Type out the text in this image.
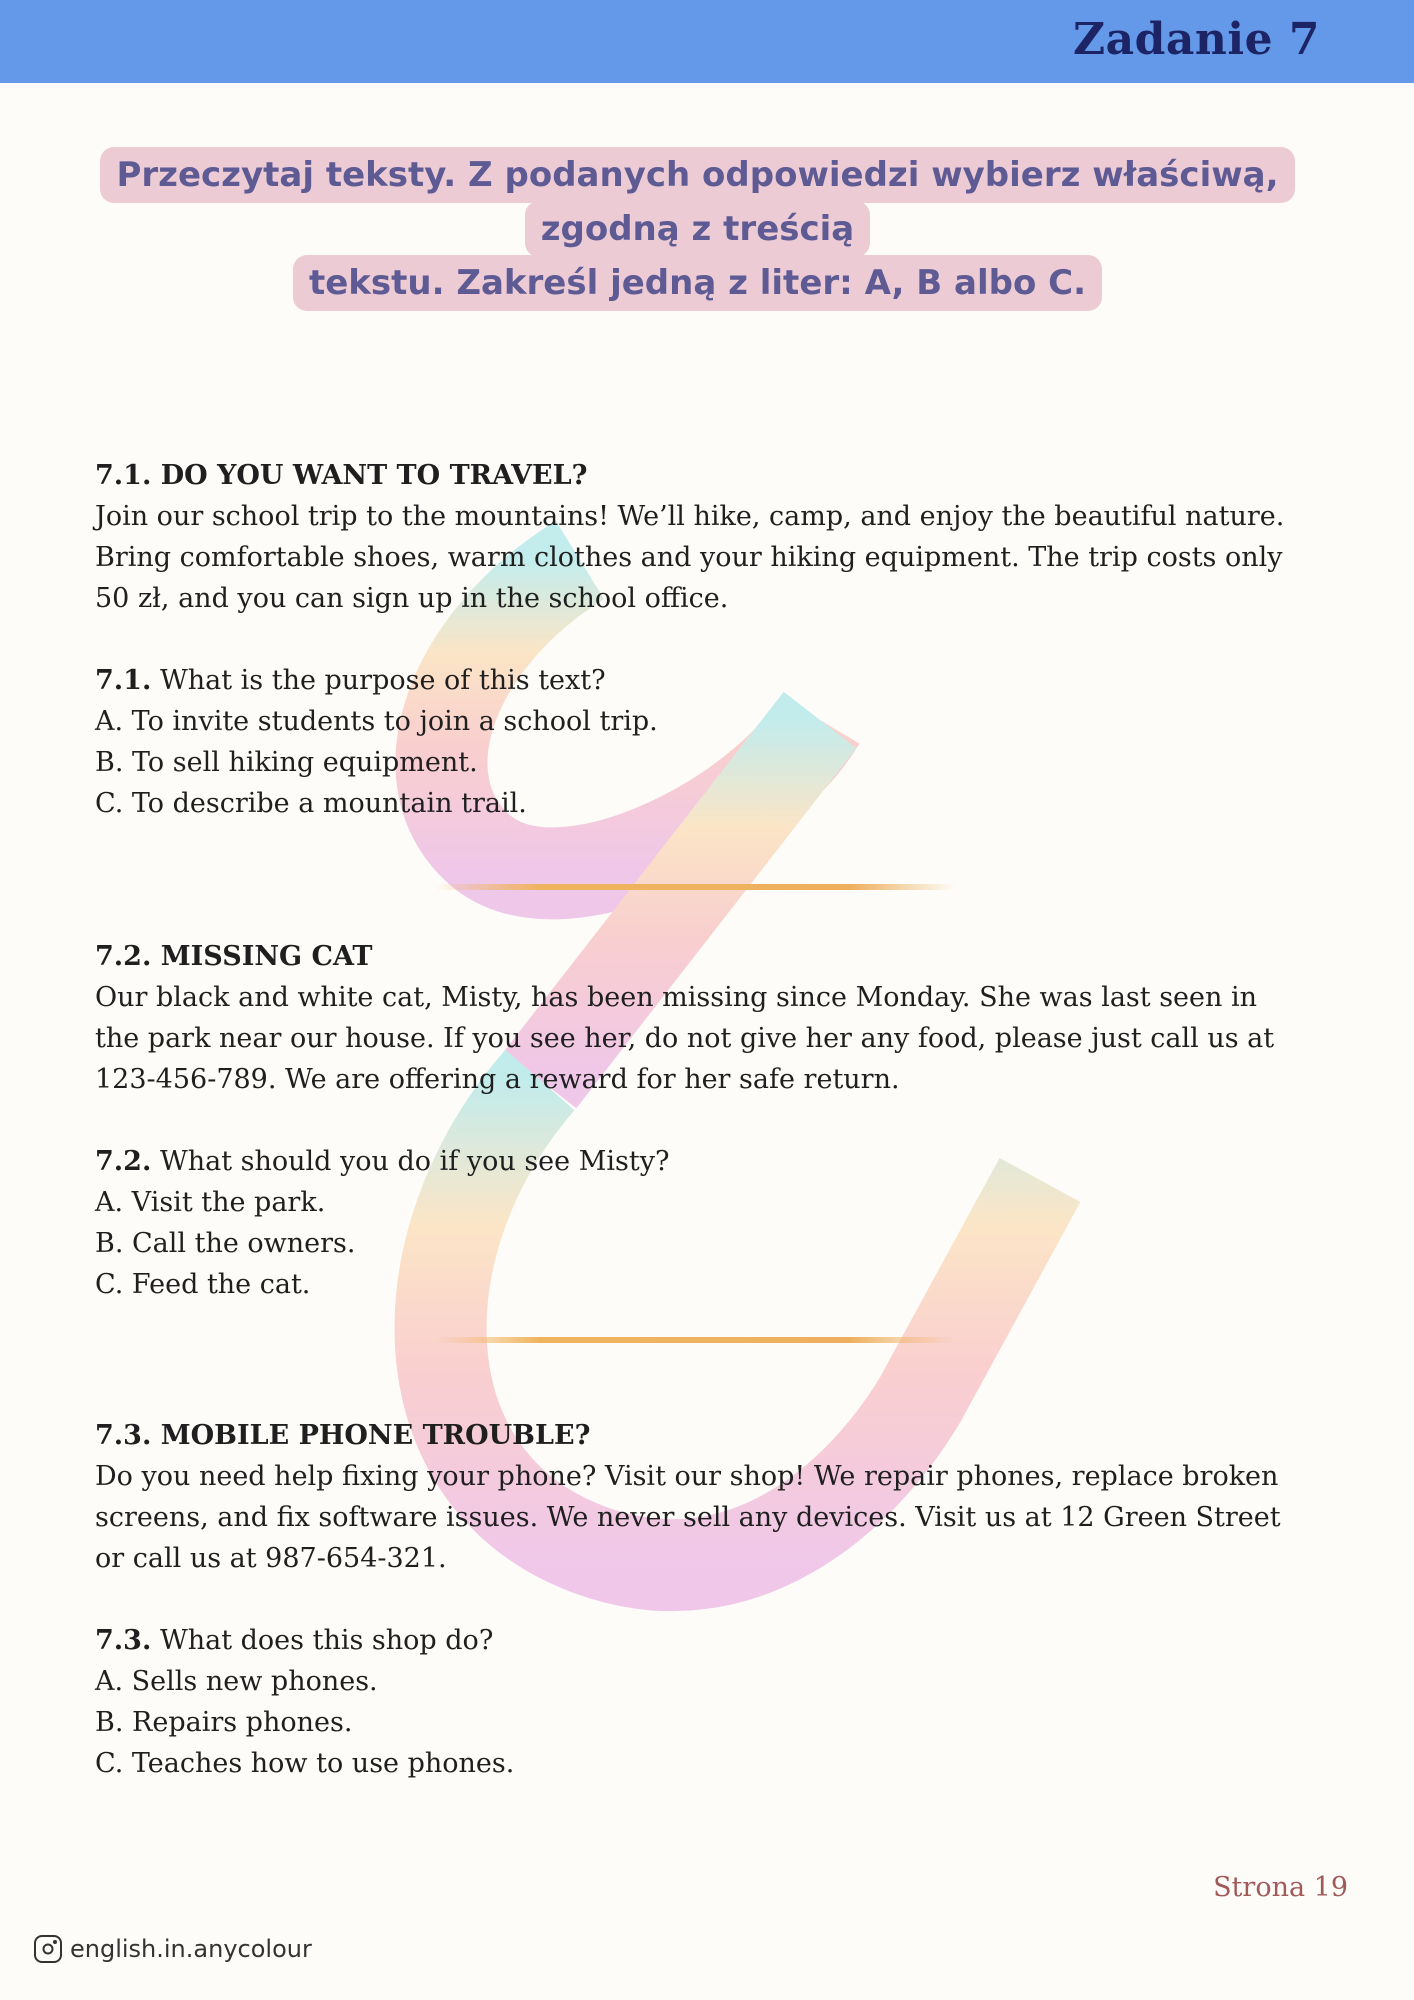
Zadanie 7
Przeczytaj teksty. Z podanych odpowiedzi wybierz właściwą, zgodną z treścią
tekstu. Zakreśl jedną z liter: A, B albo C.

7.1. DO YOU WANT TO TRAVEL?

Join our school trip to the mountains! We’ll hike, camp, and enjoy the beautiful nature. Bring comfortable shoes, warm clothes and your hiking equipment. The trip costs only 50 zł, and you can sign up in the school office.

7.1. What is the purpose of this text?

A. To invite students to join a school trip.

B. To sell hiking equipment.

C. To describe a mountain trail.

7.2. MISSING CAT

Our black and white cat, Misty, has been missing since Monday. She was last seen in the park near our house. If you see her, do not give her any food, please just call us at 123-456-789. We are offering a reward for her safe return.

7.2. What should you do if you see Misty?

A. Visit the park.

B. Call the owners.

C. Feed the cat.

7.3. MOBILE PHONE TROUBLE?

Do you need help fixing your phone? Visit our shop! We repair phones, replace broken screens, and fix software issues. We never sell any devices. Visit us at 12 Green Street or call us at 987-654-321.

7.3. What does this shop do?

A. Sells new phones.

B. Repairs phones.

C. Teaches how to use phones.

Strona 19
english.in.anycolour
